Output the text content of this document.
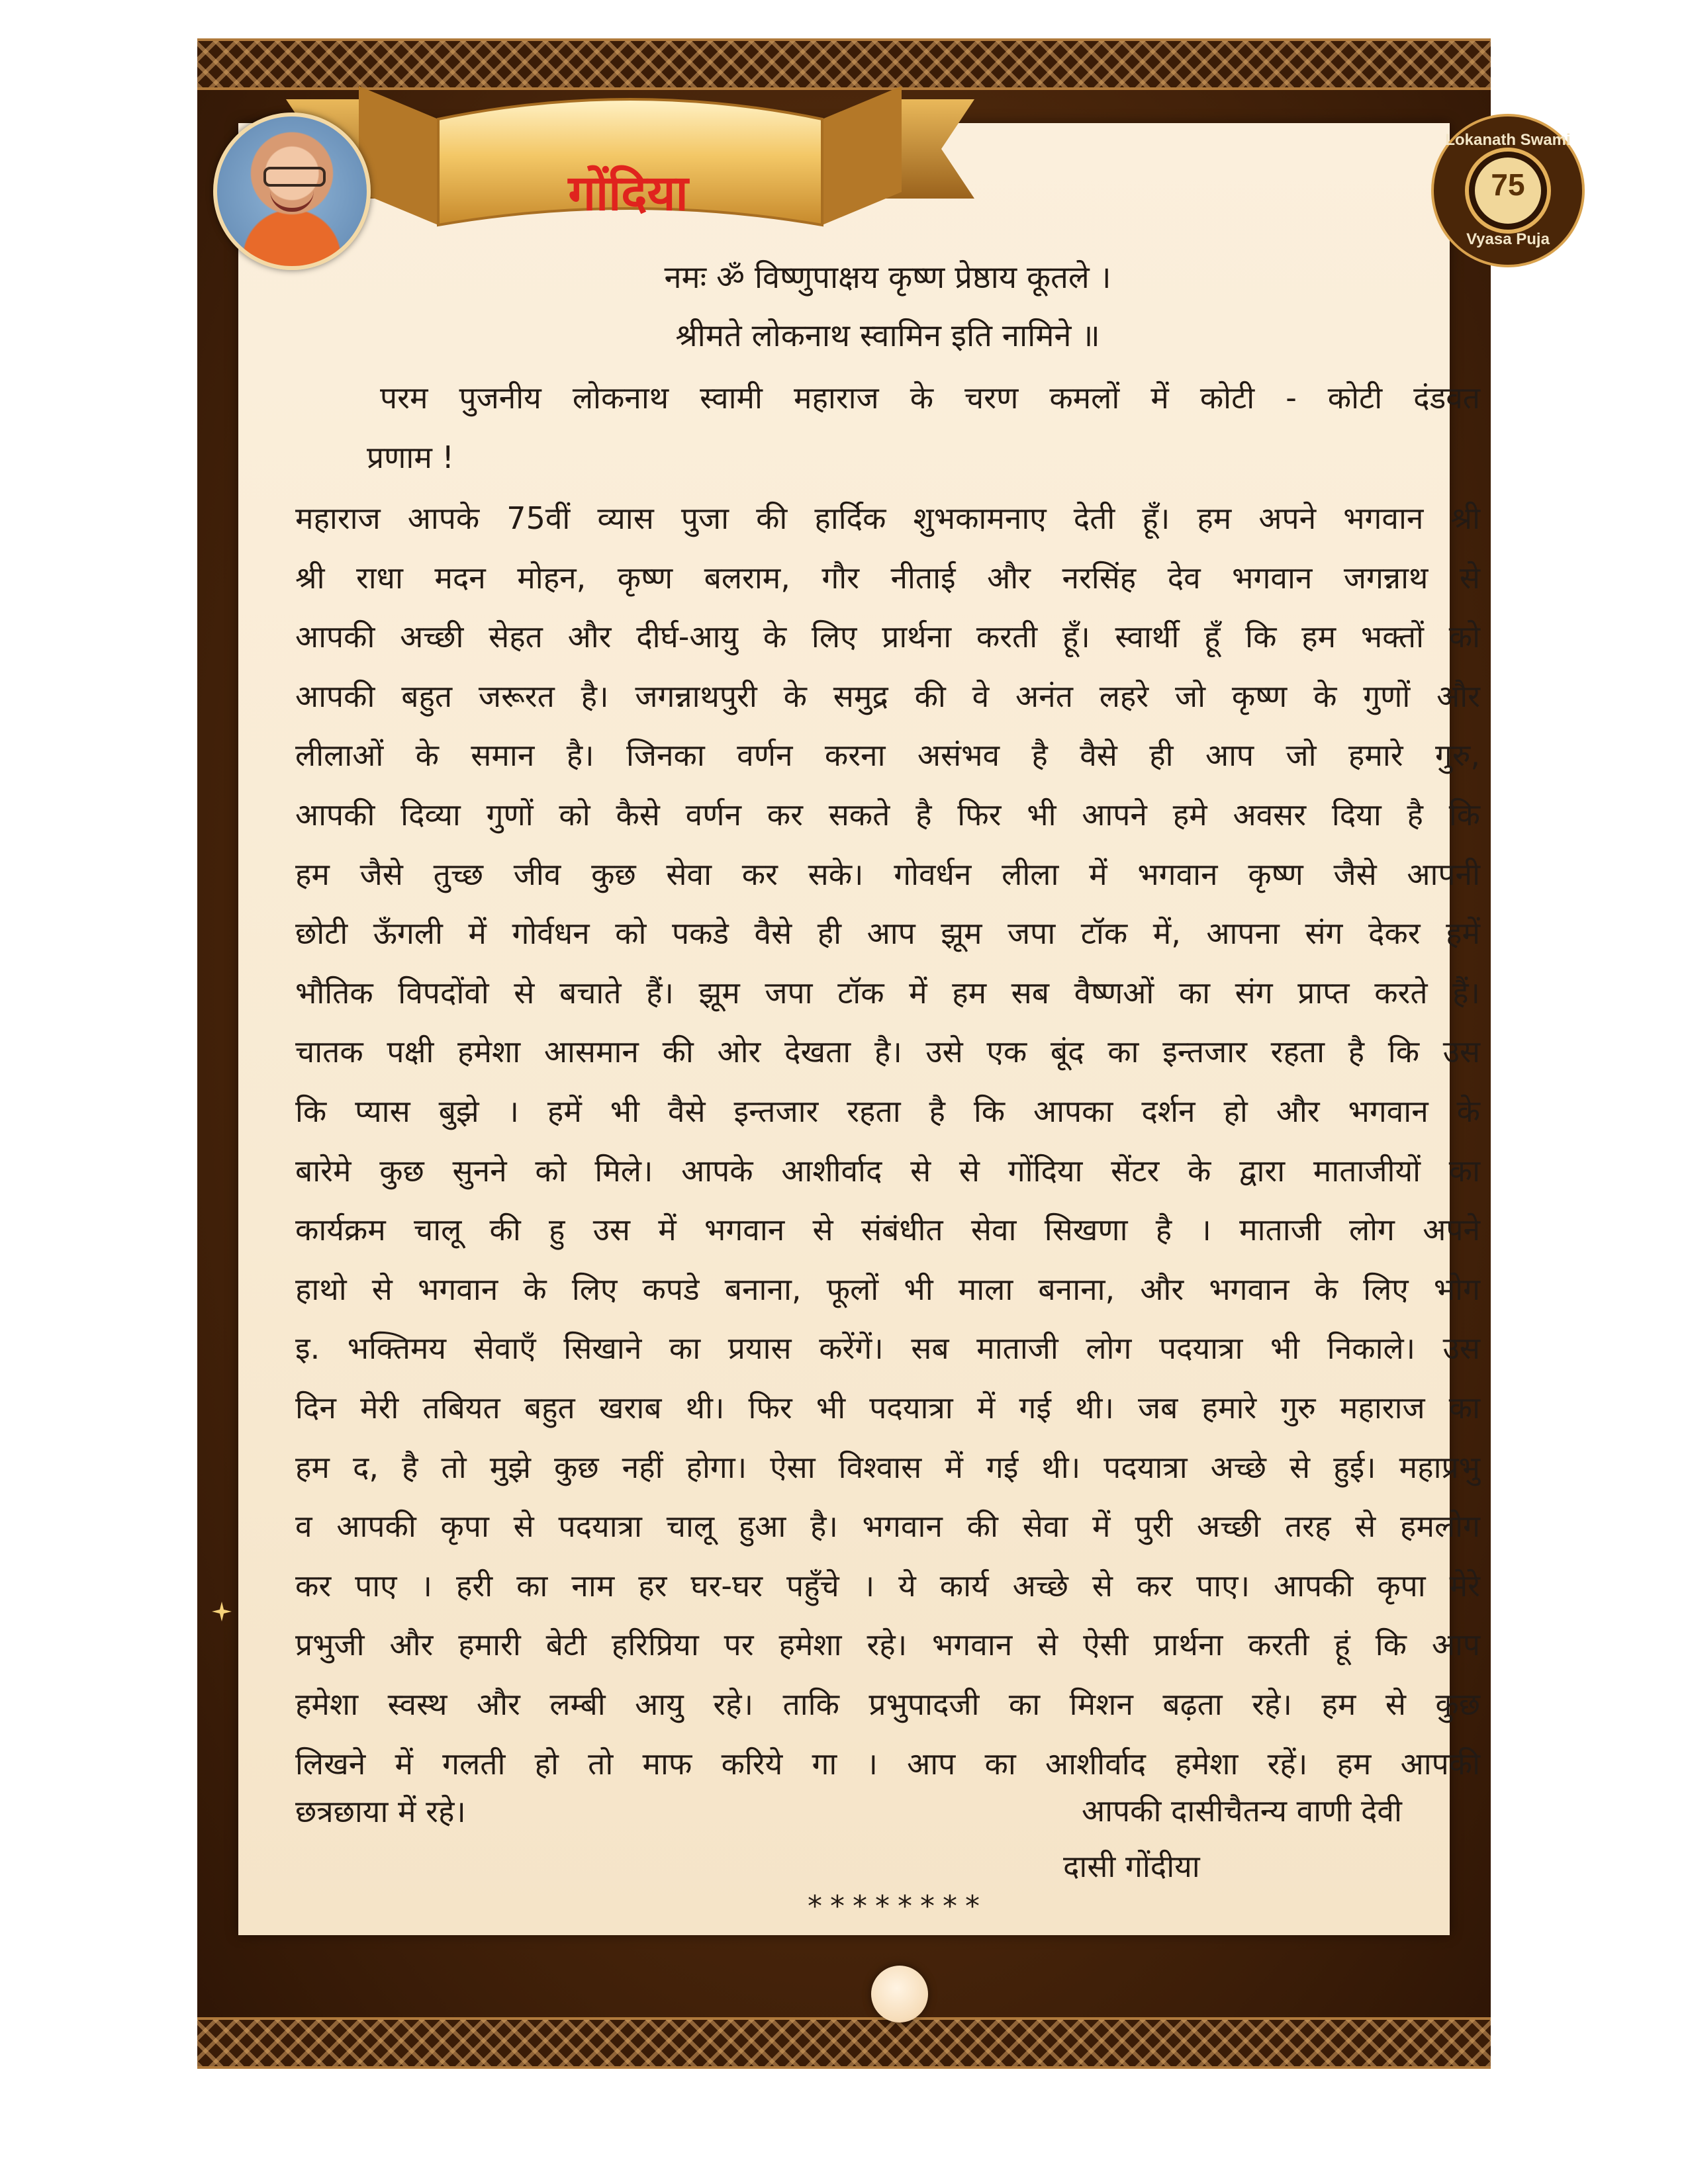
गोंदिया
Lokanath Swami
75
Vyasa Puja
नमः ॐ विष्णुपाक्षय कृष्ण प्रेष्ठाय कूतले ।
श्रीमते लोकनाथ स्वामिन इति नामिने ॥
परम पुजनीय लोकनाथ स्वामी महाराज के चरण कमलों में कोटी - कोटी दंडवत
प्रणाम !
महाराज आपके 75वीं व्यास पुजा की हार्दिक शुभकामनाए देती हूँ। हम अपने भगवान श्री
श्री राधा मदन मोहन, कृष्ण बलराम, गौर नीताई और नरसिंह देव भगवान जगन्नाथ से
आपकी अच्छी सेहत और दीर्घ-आयु के लिए प्रार्थना करती हूँ। स्वार्थी हूँ कि हम भक्तों को
आपकी बहुत जरूरत है। जगन्नाथपुरी के समुद्र की वे अनंत लहरे जो कृष्ण के गुणों और
लीलाओं के समान है। जिनका वर्णन करना असंभव है वैसे ही आप जो हमारे गुरु,
आपकी दिव्या गुणों को कैसे वर्णन कर सकते है फिर भी आपने हमे अवसर दिया है कि
हम जैसे तुच्छ जीव कुछ सेवा कर सके। गोवर्धन लीला में भगवान कृष्ण जैसे आपनी
छोटी ऊँगली में गोर्वधन को पकडे वैसे ही आप झूम जपा टॉक में, आपना संग देकर हमें
भौतिक विपदोंवो से बचाते हैं। झूम जपा टॉक में हम सब वैष्णओं का संग प्राप्त करते हैं।
चातक पक्षी हमेशा आसमान की ओर देखता है। उसे एक बूंद का इन्तजार रहता है कि उस
कि प्यास बुझे । हमें भी वैसे इन्तजार रहता है कि आपका दर्शन हो और भगवान के
बारेमे कुछ सुनने को मिले। आपके आशीर्वाद से से गोंदिया सेंटर के द्वारा माताजीयों का
कार्यक्रम चालू की हु उस में भगवान से संबंधीत सेवा सिखणा है । माताजी लोग अपने
हाथो से भगवान के लिए कपडे बनाना, फूलों भी माला बनाना, और भगवान के लिए भोग
इ. भक्तिमय सेवाएँ सिखाने का प्रयास करेंगें। सब माताजी लोग पदयात्रा भी निकाले। उस
दिन मेरी तबियत बहुत खराब थी। फिर भी पदयात्रा में गई थी। जब हमारे गुरु महाराज का
हम द, है तो मुझे कुछ नहीं होगा। ऐसा विश्वास में गई थी। पदयात्रा अच्छे से हुई। महाप्रभु
व आपकी कृपा से पदयात्रा चालू हुआ है। भगवान की सेवा में पुरी अच्छी तरह से हमलोग
कर पाए । हरी का नाम हर घर-घर पहुँचे । ये कार्य अच्छे से कर पाए। आपकी कृपा मेरे
प्रभुजी और हमारी बेटी हरिप्रिया पर हमेशा रहे। भगवान से ऐसी प्रार्थना करती हूं कि आप
हमेशा स्वस्थ और लम्बी आयु रहे। ताकि प्रभुपादजी का मिशन बढ़ता रहे। हम से कुछ
लिखने में गलती हो तो माफ करिये गा । आप का आशीर्वाद हमेशा रहें। हम आपकी
छत्रछाया में रहे।	आपकी दासीचैतन्य वाणी देवी
दासी गोंदीया
********
